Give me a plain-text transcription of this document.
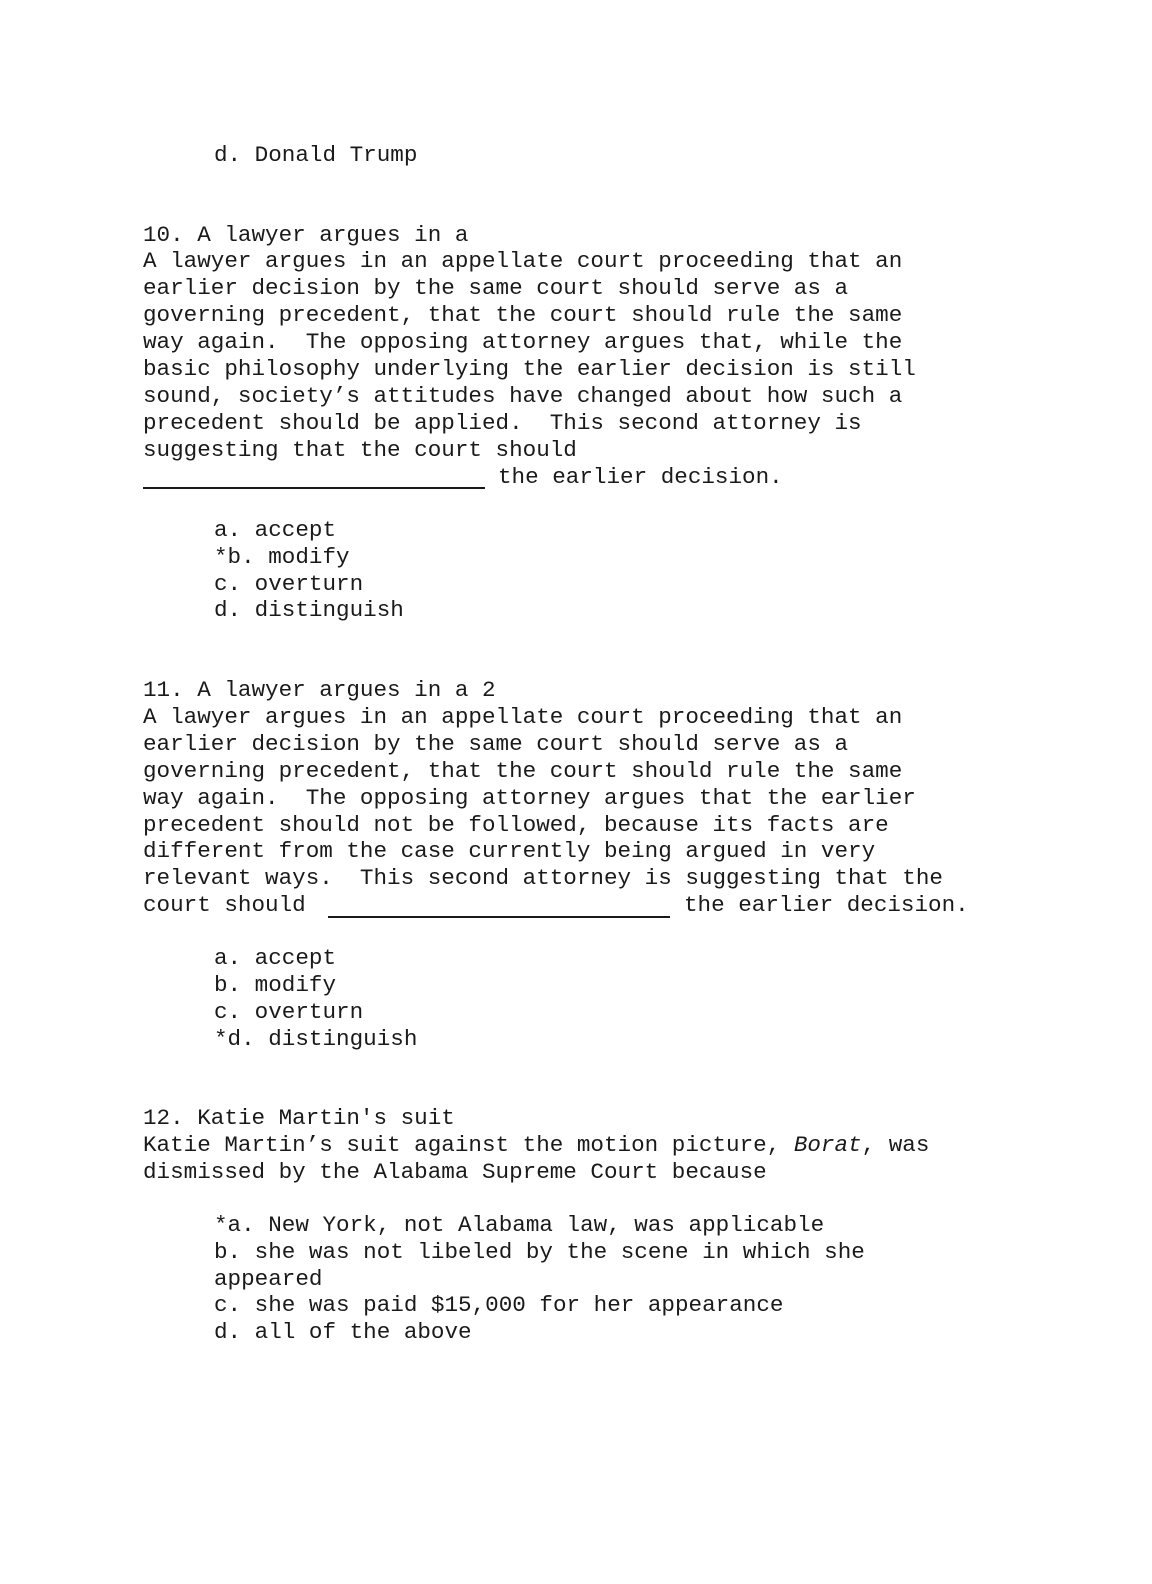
d. Donald Trump

10. A lawyer argues in a

A lawyer argues in an appellate court proceeding that an

earlier decision by the same court should serve as a

governing precedent, that the court should rule the same

way again.  The opposing attorney argues that, while the

basic philosophy underlying the earlier decision is still

sound, society’s attitudes have changed about how such a

precedent should be applied.  This second attorney is

suggesting that the court should

the earlier decision.

a. accept

*b. modify

c. overturn

d. distinguish

11. A lawyer argues in a 2

A lawyer argues in an appellate court proceeding that an

earlier decision by the same court should serve as a

governing precedent, that the court should rule the same

way again.  The opposing attorney argues that the earlier

precedent should not be followed, because its facts are

different from the case currently being argued in very

relevant ways.  This second attorney is suggesting that the

court should	the earlier decision.

a. accept

b. modify

c. overturn

*d. distinguish

12. Katie Martin's suit

Katie Martin’s suit against the motion picture, Borat, was

dismissed by the Alabama Supreme Court because

*a. New York, not Alabama law, was applicable

b. she was not libeled by the scene in which she

appeared

c. she was paid $15,000 for her appearance

d. all of the above
